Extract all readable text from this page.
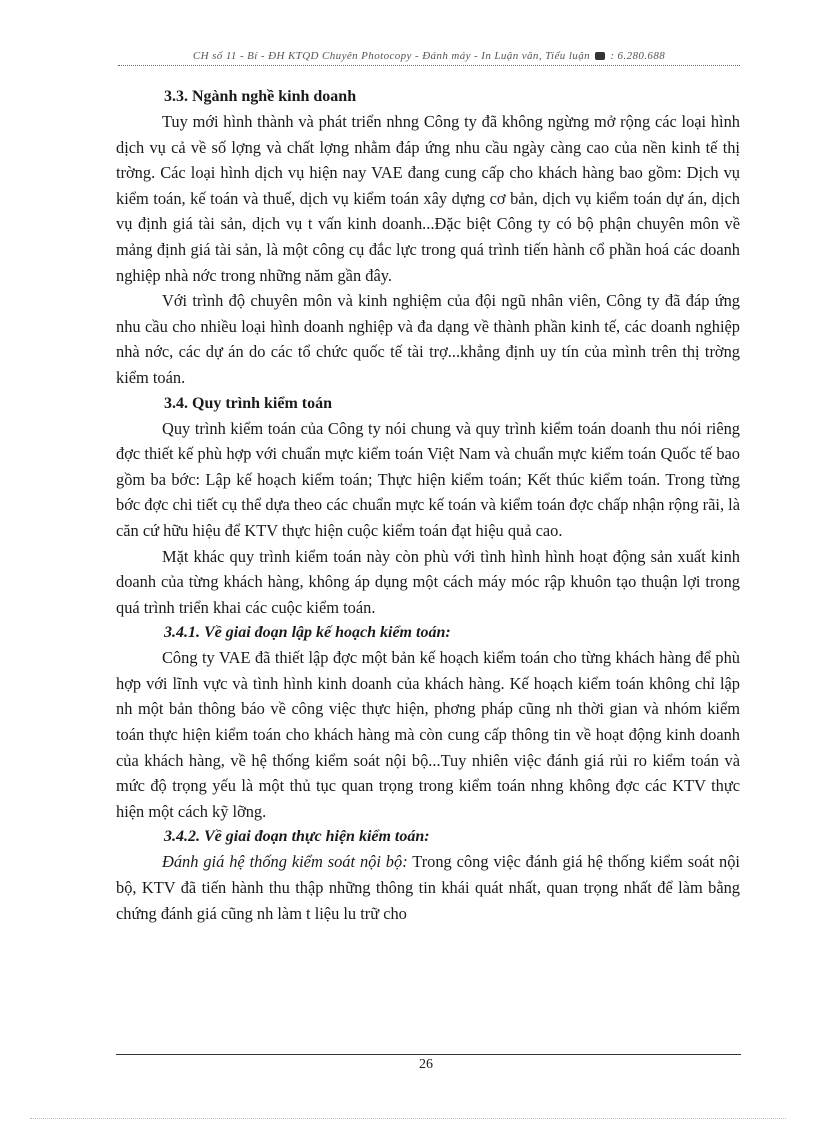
CH số 11 - Bí - ĐH KTQD Chuyên Photocopy - Đánh máy - In Luận văn, Tiểu luận : 6.280.688
3.3. Ngành nghề kinh doanh

Tuy mới hình thành và phát triển nhng Công ty đã không ngừng mở rộng các loại hình dịch vụ cả về số lợng và chất lợng nhằm đáp ứng nhu cầu ngày càng cao của nền kinh tế thị trờng. Các loại hình dịch vụ hiện nay VAE đang cung cấp cho khách hàng bao gồm: Dịch vụ kiểm toán, kế toán và thuế, dịch vụ kiểm toán xây dựng cơ bản, dịch vụ kiểm toán dự án, dịch vụ định giá tài sản, dịch vụ t vấn kinh doanh...Đặc biệt Công ty có bộ phận chuyên môn về mảng định giá tài sản, là một công cụ đắc lực trong quá trình tiến hành cổ phần hoá các doanh nghiệp nhà nớc trong những năm gần đây.

Với trình độ chuyên môn và kinh nghiệm của đội ngũ nhân viên, Công ty đã đáp ứng nhu cầu cho nhiều loại hình doanh nghiệp và đa dạng về thành phần kinh tế, các doanh nghiệp nhà nớc, các dự án do các tổ chức quốc tế tài trợ...khẳng định uy tín của mình trên thị trờng kiểm toán.

3.4. Quy trình kiểm toán

Quy trình kiểm toán của Công ty nói chung và quy trình kiểm toán doanh thu nói riêng đợc thiết kế phù hợp với chuẩn mực kiểm toán Việt Nam và chuẩn mực kiểm toán Quốc tế bao gồm ba bớc: Lập kế hoạch kiểm toán; Thực hiện kiểm toán; Kết thúc kiểm toán. Trong từng bớc đợc chi tiết cụ thể dựa theo các chuẩn mực kế toán và kiểm toán đợc chấp nhận rộng rãi, là căn cứ hữu hiệu để KTV thực hiện cuộc kiểm toán đạt hiệu quả cao.

Mặt khác quy trình kiểm toán này còn phù với tình hình hình hoạt động sản xuất kinh doanh của từng khách hàng, không áp dụng một cách máy móc rập khuôn tạo thuận lợi trong quá trình triển khai các cuộc kiểm toán.

3.4.1. Về giai đoạn lập kế hoạch kiểm toán:

Công ty VAE đã thiết lập đợc một bản kế hoạch kiểm toán cho từng khách hàng để phù hợp với lĩnh vực và tình hình kinh doanh của khách hàng. Kế hoạch kiểm toán không chỉ lập nh một bản thông báo về công việc thực hiện, phơng pháp cũng nh thời gian và nhóm kiểm toán thực hiện kiểm toán cho khách hàng mà còn cung cấp thông tin về hoạt động kinh doanh của khách hàng, về hệ thống kiểm soát nội bộ...Tuy nhiên việc đánh giá rủi ro kiểm toán và mức độ trọng yếu là một thủ tục quan trọng trong kiểm toán nhng không đợc các KTV thực hiện một cách kỹ lỡng.

3.4.2. Về giai đoạn thực hiện kiểm toán:

Đánh giá hệ thống kiểm soát nội bộ: Trong công việc đánh giá hệ thống kiểm soát nội bộ, KTV đã tiến hành thu thập những thông tin khái quát nhất, quan trọng nhất để làm bằng chứng đánh giá cũng nh làm t liệu lu trữ cho

26
